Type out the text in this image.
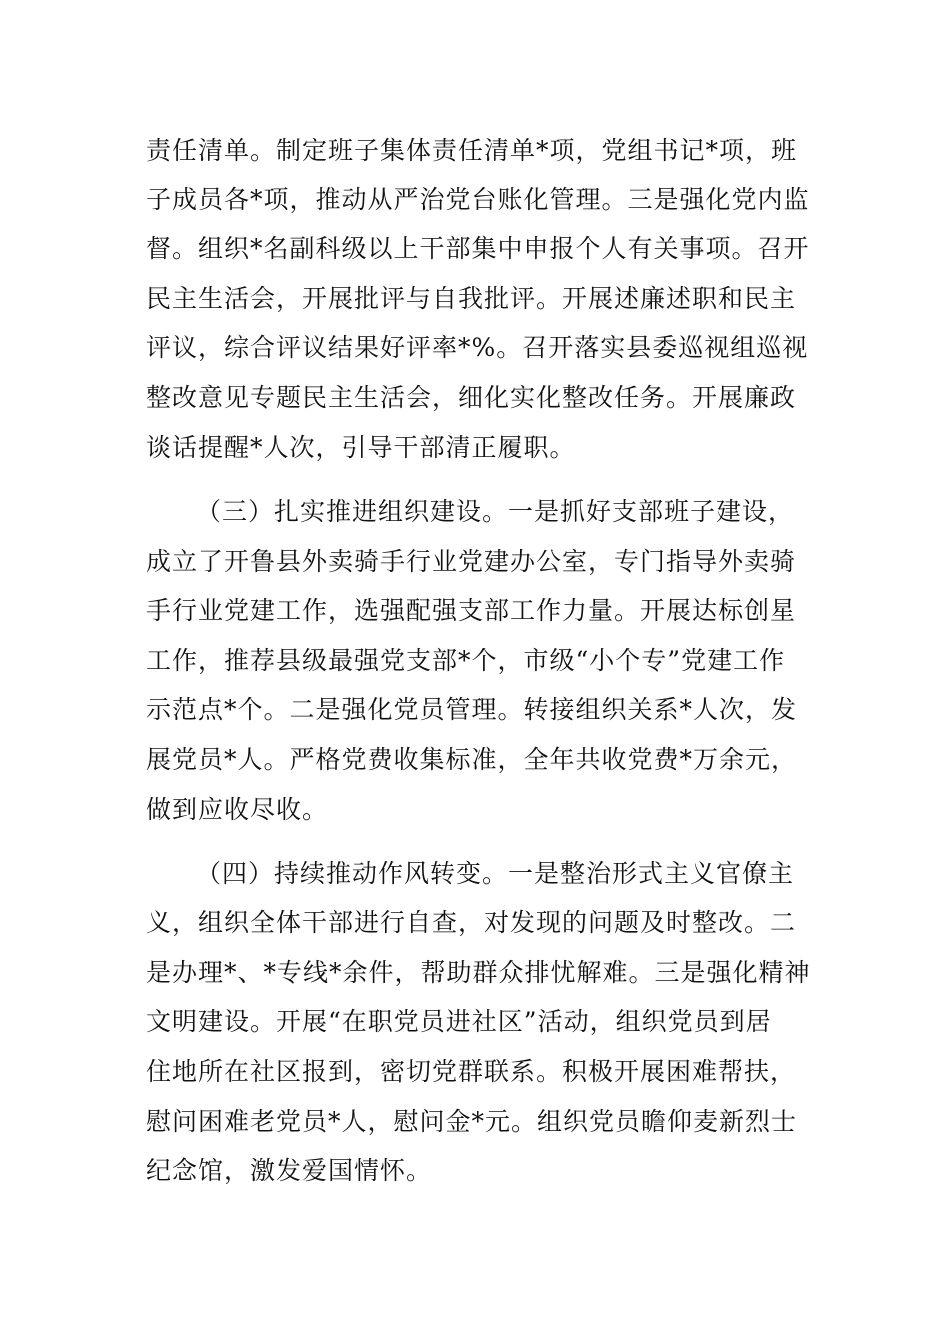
责任清单。制定班子集体责任清单*项，党组书记*项，班
子成员各*项，推动从严治党台账化管理。三是强化党内监
督。组织*名副科级以上干部集中申报个人有关事项。召开
民主生活会，开展批评与自我批评。开展述廉述职和民主
评议，综合评议结果好评率*%。召开落实县委巡视组巡视
整改意见专题民主生活会，细化实化整改任务。开展廉政
谈话提醒*人次，引导干部清正履职。
（三）扎实推进组织建设。一是抓好支部班子建设，
成立了开鲁县外卖骑手行业党建办公室，专门指导外卖骑
手行业党建工作，选强配强支部工作力量。开展达标创星
工作，推荐县级最强党支部*个，市级“小个专”党建工作
示范点*个。二是强化党员管理。转接组织关系*人次，发
展党员*人。严格党费收集标准，全年共收党费*万余元，
做到应收尽收。
（四）持续推动作风转变。一是整治形式主义官僚主
义，组织全体干部进行自查，对发现的问题及时整改。二
是办理*、*专线*余件，帮助群众排忧解难。三是强化精神
文明建设。开展“在职党员进社区”活动，组织党员到居
住地所在社区报到，密切党群联系。积极开展困难帮扶，
慰问困难老党员*人，慰问金*元。组织党员瞻仰麦新烈士
纪念馆，激发爱国情怀。
